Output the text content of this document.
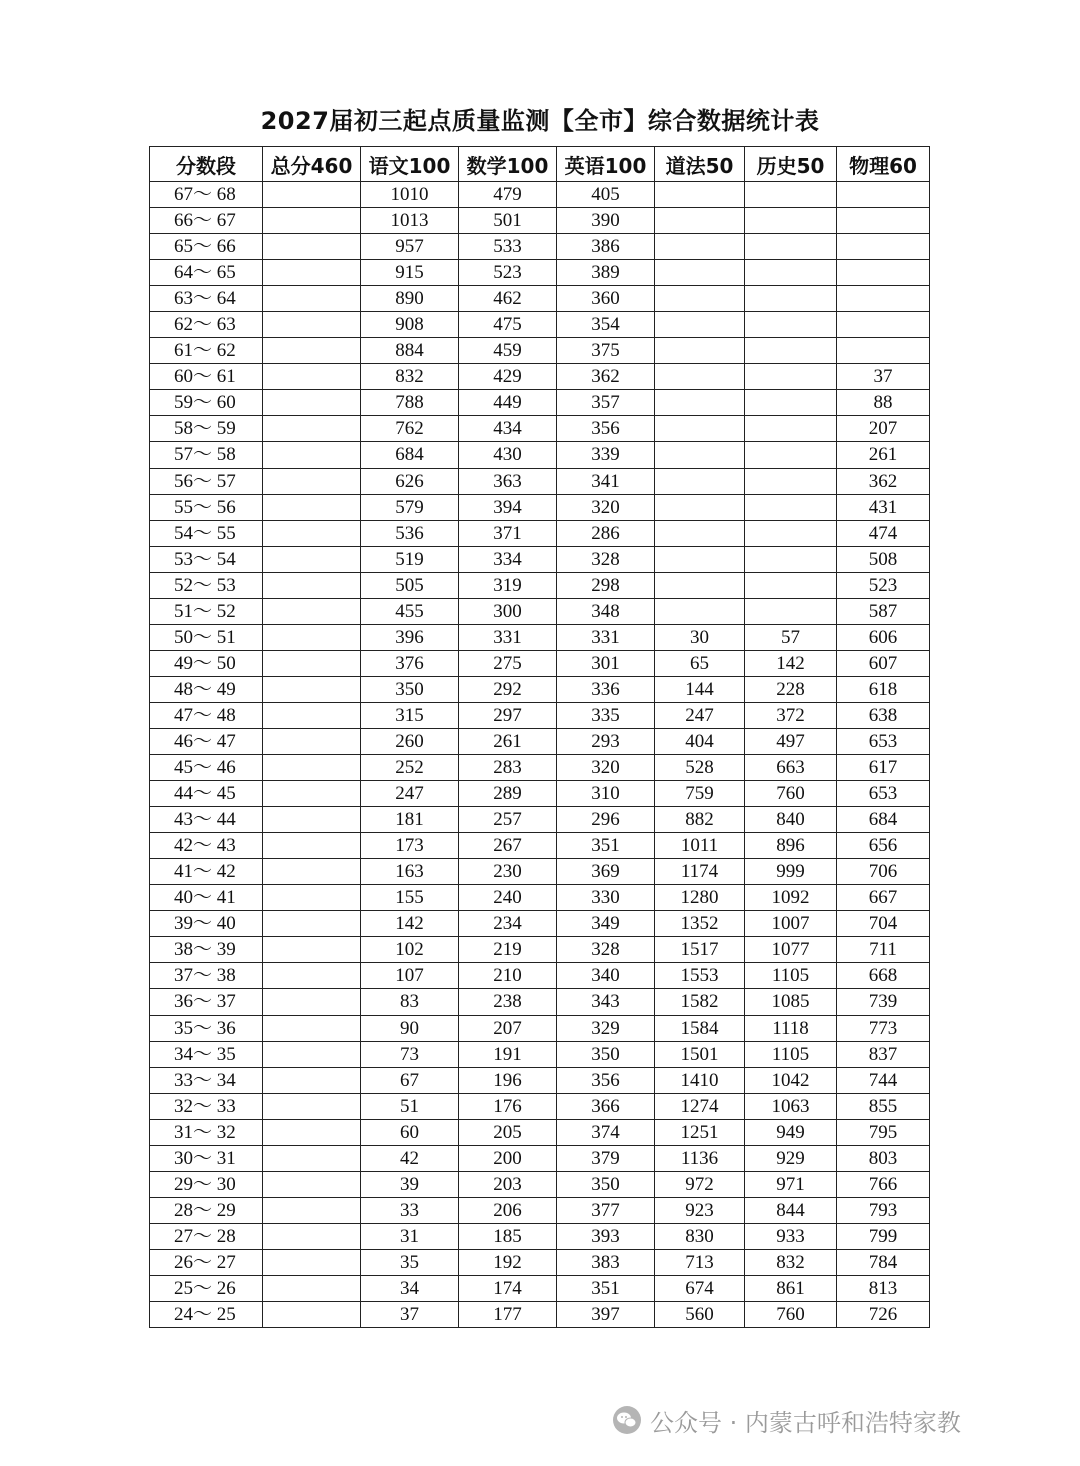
2027届初三起点质量监测【全市】综合数据统计表
分数段	总分460	语文100	数学100	英语100	道法50	历史50	物理60
67～ 68		1010	479	405			
66～ 67		1013	501	390			
65～ 66		957	533	386			
64～ 65		915	523	389			
63～ 64		890	462	360			
62～ 63		908	475	354			
61～ 62		884	459	375			
60～ 61		832	429	362			37
59～ 60		788	449	357			88
58～ 59		762	434	356			207
57～ 58		684	430	339			261
56～ 57		626	363	341			362
55～ 56		579	394	320			431
54～ 55		536	371	286			474
53～ 54		519	334	328			508
52～ 53		505	319	298			523
51～ 52		455	300	348			587
50～ 51		396	331	331	30	57	606
49～ 50		376	275	301	65	142	607
48～ 49		350	292	336	144	228	618
47～ 48		315	297	335	247	372	638
46～ 47		260	261	293	404	497	653
45～ 46		252	283	320	528	663	617
44～ 45		247	289	310	759	760	653
43～ 44		181	257	296	882	840	684
42～ 43		173	267	351	1011	896	656
41～ 42		163	230	369	1174	999	706
40～ 41		155	240	330	1280	1092	667
39～ 40		142	234	349	1352	1007	704
38～ 39		102	219	328	1517	1077	711
37～ 38		107	210	340	1553	1105	668
36～ 37		83	238	343	1582	1085	739
35～ 36		90	207	329	1584	1118	773
34～ 35		73	191	350	1501	1105	837
33～ 34		67	196	356	1410	1042	744
32～ 33		51	176	366	1274	1063	855
31～ 32		60	205	374	1251	949	795
30～ 31		42	200	379	1136	929	803
29～ 30		39	203	350	972	971	766
28～ 29		33	206	377	923	844	793
27～ 28		31	185	393	830	933	799
26～ 27		35	192	383	713	832	784
25～ 26		34	174	351	674	861	813
24～ 25		37	177	397	560	760	726
公众号 · 内蒙古呼和浩特家教
